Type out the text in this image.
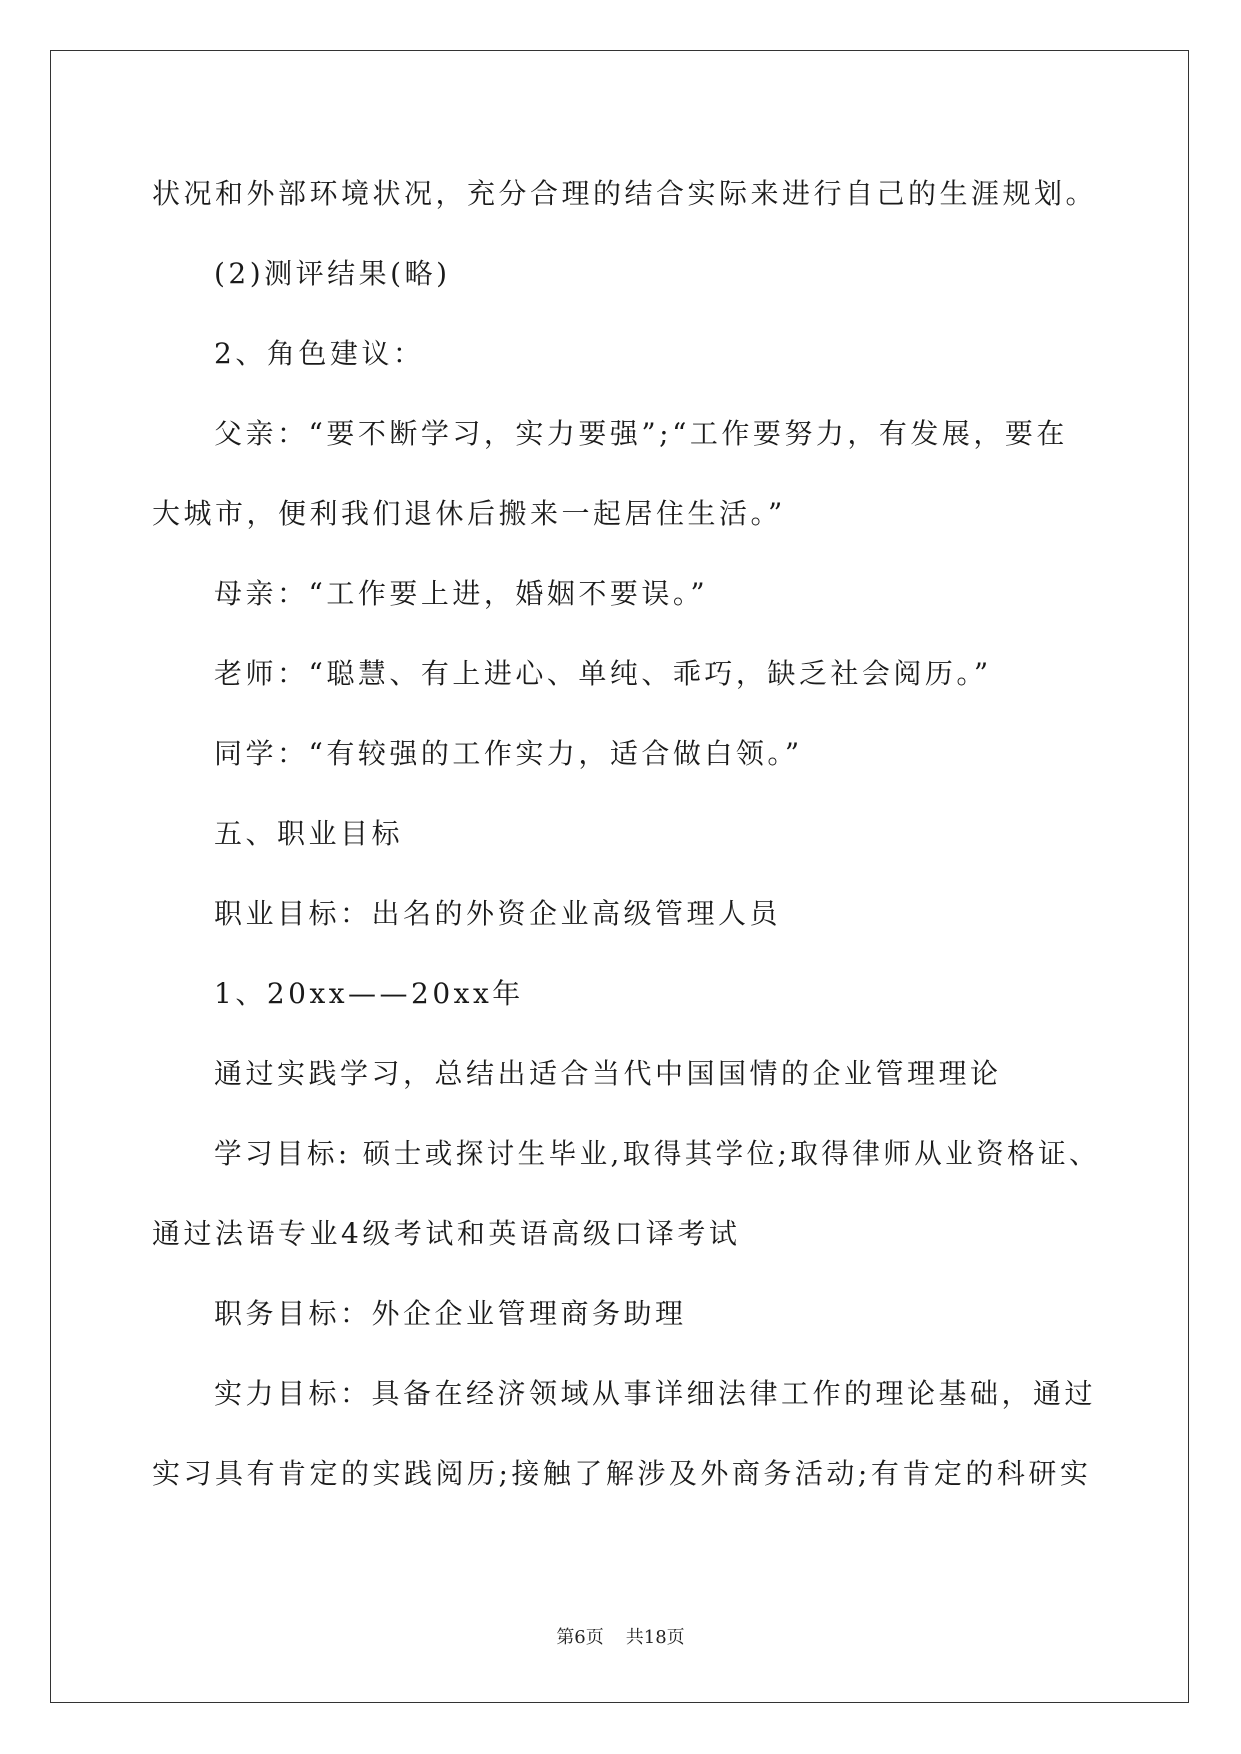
状况和外部环境状况，充分合理的结合实际来进行自己的生涯规划。
(2)测评结果(略)
2、角色建议：
父亲：“要不断学习，实力要强”;“工作要努力，有发展，要在
大城市，便利我们退休后搬来一起居住生活。”
母亲：“工作要上进，婚姻不要误。”
老师：“聪慧、有上进心、单纯、乖巧，缺乏社会阅历。”
同学：“有较强的工作实力，适合做白领。”
五、职业目标
职业目标：出名的外资企业高级管理人员
1、20xx——20xx年
通过实践学习，总结出适合当代中国国情的企业管理理论
学习目标: 硕士或探讨生毕业,取得其学位;取得律师从业资格证、
通过法语专业4级考试和英语高级口译考试
职务目标：外企企业管理商务助理
实力目标：具备在经济领域从事详细法律工作的理论基础，通过
实习具有肯定的实践阅历;接触了解涉及外商务活动;有肯定的科研实
第6页 共18页
